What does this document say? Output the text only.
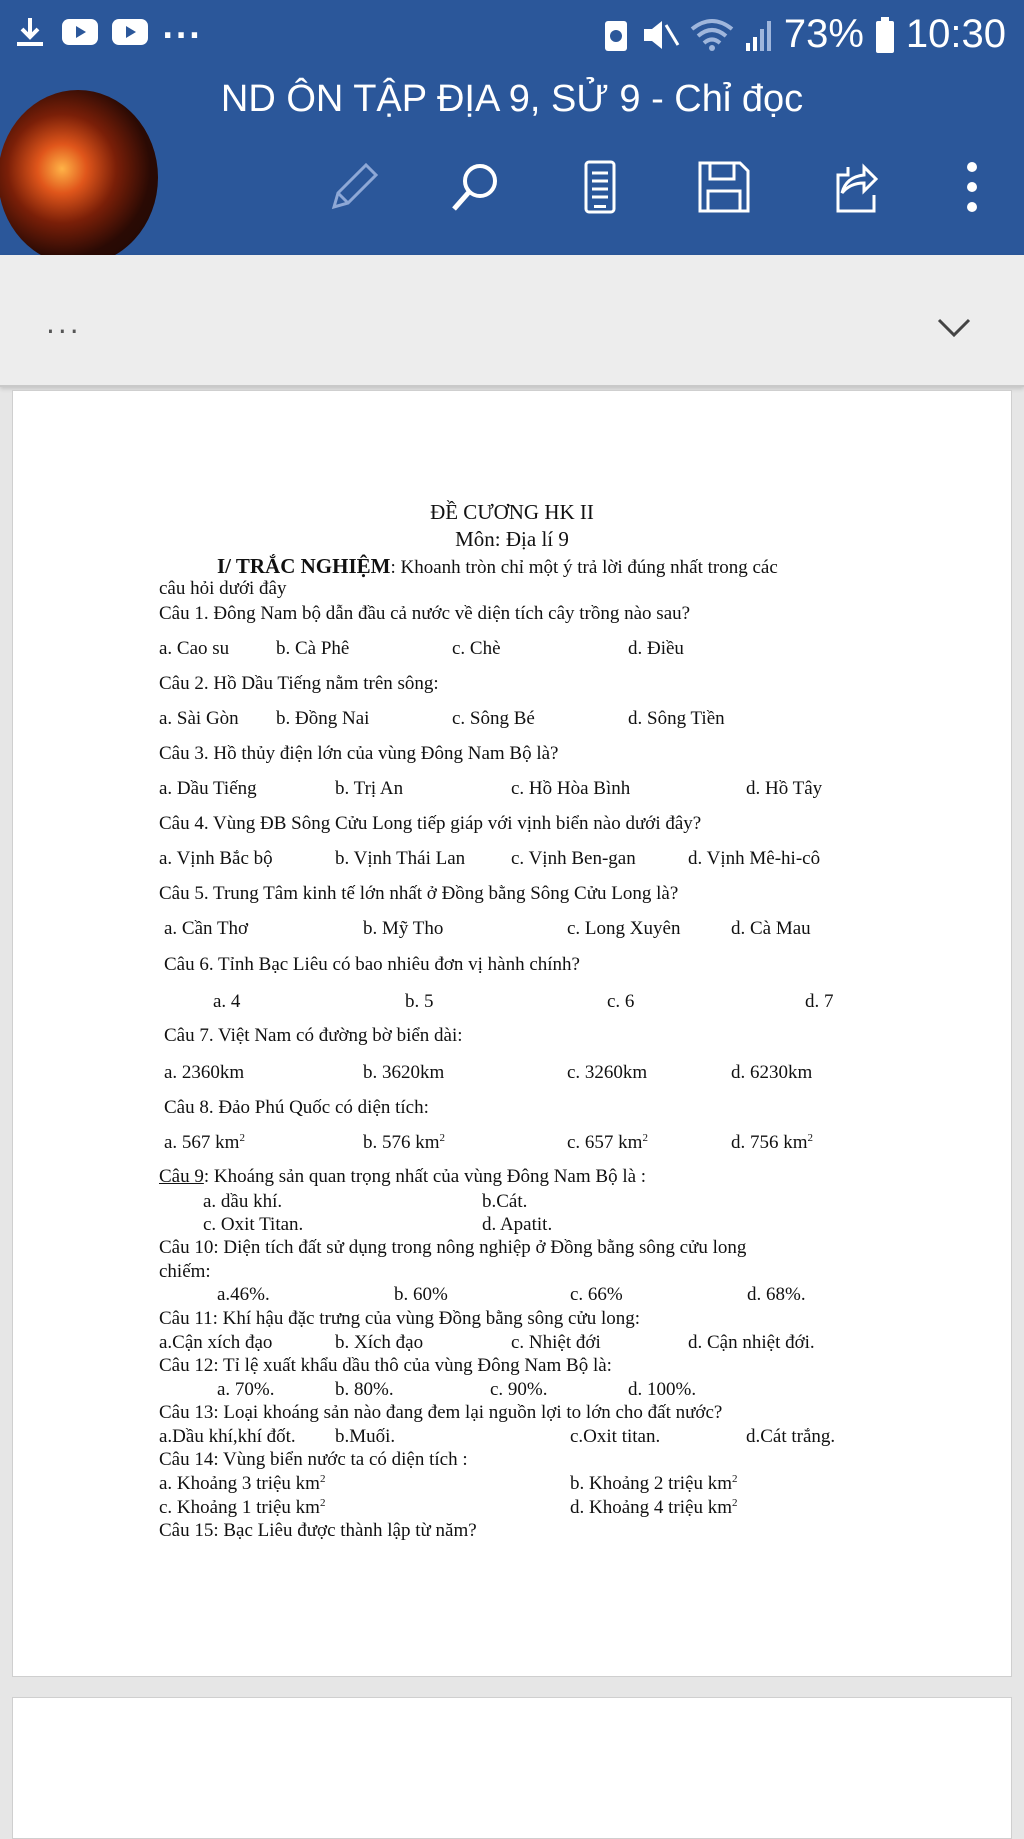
...	73% 10:30
ND ÔN TẬP ĐỊA 9, SỬ 9 - Chỉ đọc
...
ĐỀ CƯƠNG HK II
Môn: Địa lí 9
I/ TRẮC NGHIỆM: Khoanh tròn chỉ một ý trả lời đúng nhất trong các
câu hỏi dưới đây
Câu 1. Đông Nam bộ dẫn đầu cả nước về diện tích cây trồng nào sau?
a. Cao su b. Cà Phê	c. Chè	d. Điều
Câu 2. Hồ Dầu Tiếng nằm trên sông:
a. Sài Gòn b. Đồng Nai	c. Sông Bé	d. Sông Tiền
Câu 3. Hồ thủy điện lớn của vùng Đông Nam Bộ là?
a. Dầu Tiếng	b. Trị An	c. Hồ Hòa Bình	d. Hồ Tây
Câu 4. Vùng ĐB Sông Cửu Long tiếp giáp với vịnh biển nào dưới đây?
a. Vịnh Bắc bộ	b. Vịnh Thái Lan c. Vịnh Ben-gan	d. Vịnh Mê-hi-cô
Câu 5. Trung Tâm kinh tế lớn nhất ở Đồng bằng Sông Cửu Long là?
a. Cần Thơ	b. Mỹ Tho	c. Long Xuyên	d. Cà Mau
Câu 6. Tỉnh Bạc Liêu có bao nhiêu đơn vị hành chính?
a. 4	b. 5	c. 6	d. 7
Câu 7. Việt Nam có đường bờ biển dài:
a. 2360km	b. 3620km	c. 3260km	d. 6230km
Câu 8. Đảo Phú Quốc có diện tích:
a. 567 $km^2$	b. 576 $km^2$	c. 657 $km^2$	d. 756 $km^2$
Câu 9: Khoáng sản quan trọng nhất của vùng Đông Nam Bộ là :
a. dầu khí.	b.Cát.
c. Oxit Titan.	d. Apatit.
Câu 10: Diện tích đất sử dụng trong nông nghiệp ở Đồng bằng sông cửu long
chiếm:
a.46%.	b. 60%	c. 66%	d. 68%.
Câu 11: Khí hậu đặc trưng của vùng Đồng bằng sông cửu long:
a.Cận xích đạo	b. Xích đạo	c. Nhiệt đới	d. Cận nhiệt đới.
Câu 12: Tỉ lệ xuất khẩu dầu thô của vùng Đông Nam Bộ là:
a. 70%.	b. 80%.	c. 90%.	d. 100%.
Câu 13: Loại khoáng sản nào đang đem lại nguồn lợi to lớn cho đất nước?
a.Dầu khí,khí đốt. b.Muối.	c.Oxit titan.	d.Cát trắng.
Câu 14: Vùng biển nước ta có diện tích :
a. Khoảng 3 triệu $km^2$	b. Khoảng 2 triệu $km^2$
c. Khoảng 1 triệu $km^2$	d. Khoảng 4 triệu $km^2$
Câu 15: Bạc Liêu được thành lập từ năm?
